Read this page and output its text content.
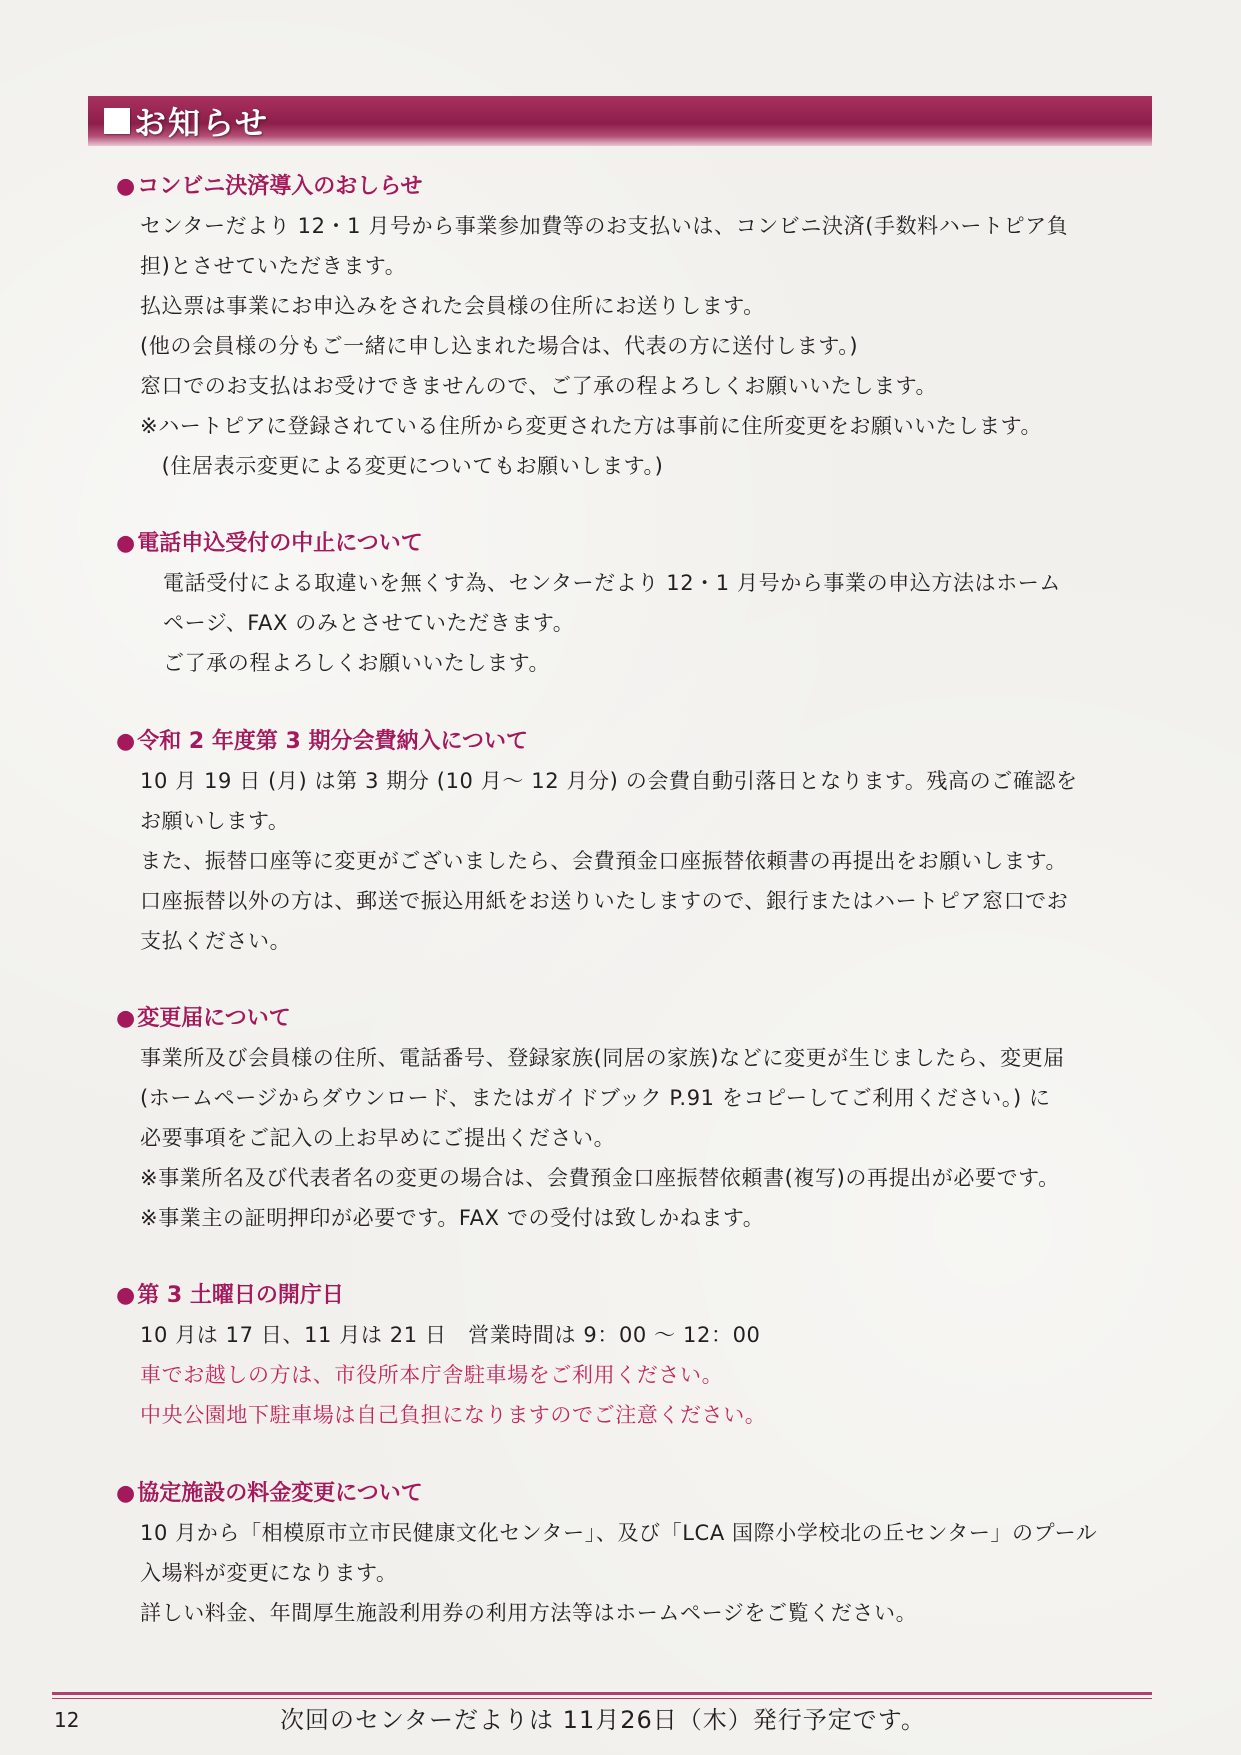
お知らせ
●コンビニ決済導入のおしらせ
センターだより 12・1 月号から事業参加費等のお支払いは、コンビニ決済(手数料ハートピア負
担)とさせていただきます。
払込票は事業にお申込みをされた会員様の住所にお送りします。
(他の会員様の分もご一緒に申し込まれた場合は、代表の方に送付します。)
窓口でのお支払はお受けできませんので、ご了承の程よろしくお願いいたします。
※ハートピアに登録されている住所から変更された方は事前に住所変更をお願いいたします。
　(住居表示変更による変更についてもお願いします。)
●電話申込受付の中止について
電話受付による取違いを無くす為、センターだより 12・1 月号から事業の申込方法はホーム
ページ、FAX のみとさせていただきます。
ご了承の程よろしくお願いいたします。
●令和 2 年度第 3 期分会費納入について
10 月 19 日 (月) は第 3 期分 (10 月～ 12 月分) の会費自動引落日となります。残高のご確認を
お願いします。
また、振替口座等に変更がございましたら、会費預金口座振替依頼書の再提出をお願いします。
口座振替以外の方は、郵送で振込用紙をお送りいたしますので、銀行またはハートピア窓口でお
支払ください。
●変更届について
事業所及び会員様の住所、電話番号、登録家族(同居の家族)などに変更が生じましたら、変更届
(ホームページからダウンロード、またはガイドブック P.91 をコピーしてご利用ください。) に
必要事項をご記入の上お早めにご提出ください。
※事業所名及び代表者名の変更の場合は、会費預金口座振替依頼書(複写)の再提出が必要です。
※事業主の証明押印が必要です。FAX での受付は致しかねます。
●第 3 土曜日の開庁日
10 月は 17 日、11 月は 21 日　営業時間は 9：00 ～ 12：00
車でお越しの方は、市役所本庁舎駐車場をご利用ください。
中央公園地下駐車場は自己負担になりますのでご注意ください。
●協定施設の料金変更について
10 月から「相模原市立市民健康文化センター」、及び「LCA 国際小学校北の丘センター」のプール
入場料が変更になります。
詳しい料金、年間厚生施設利用券の利用方法等はホームページをご覧ください。
12	次回のセンターだよりは 11月26日（木）発行予定です。
